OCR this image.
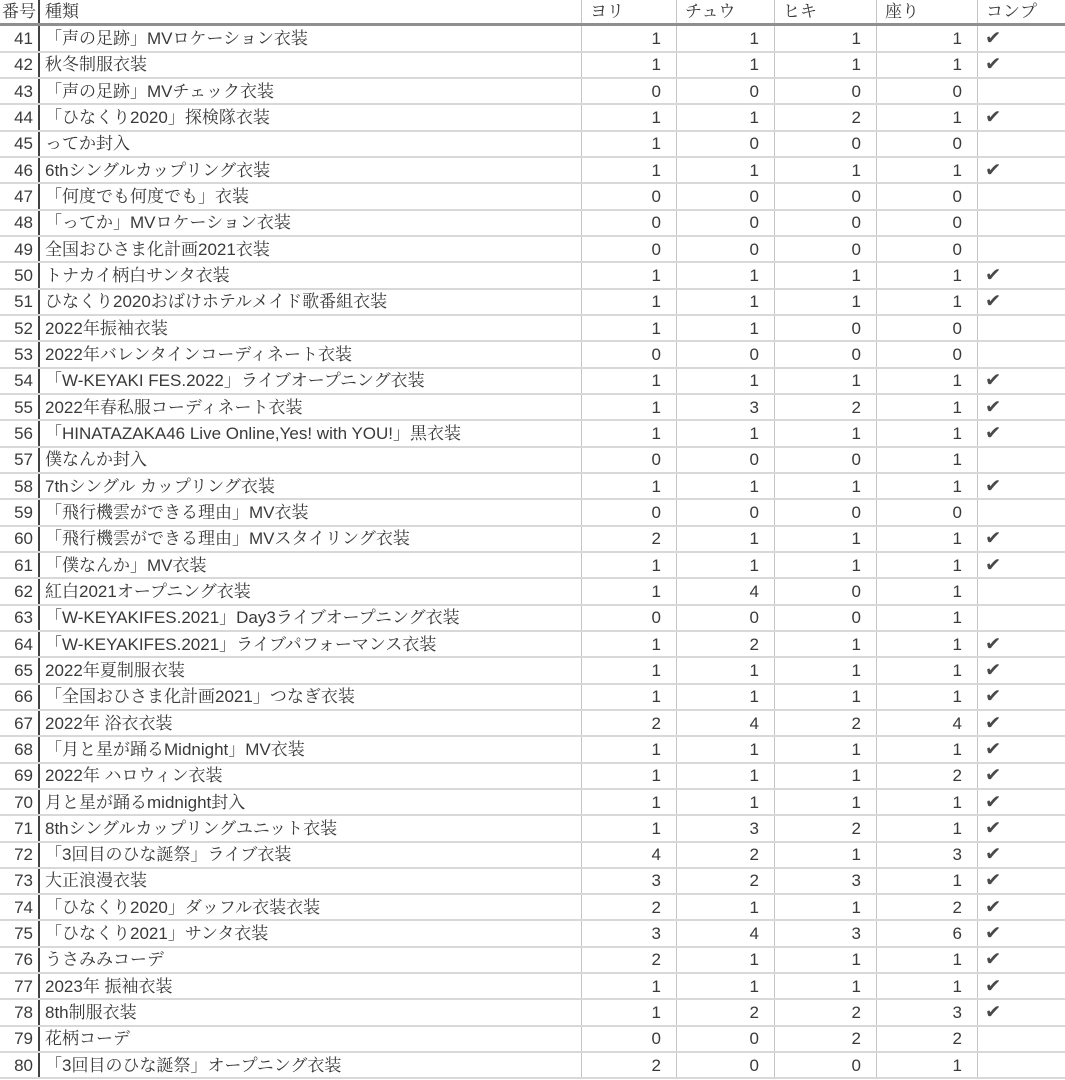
番号 種類	ヨリ	チュウ	ヒキ	座り	コンプ
41 「声の足跡」MVロケーション衣装	1	1	1	1	✔
42 秋冬制服衣装	1	1	1	1	✔
43 「声の足跡」MVチェック衣装	0	0	0	0
44 「ひなくり2020」探検隊衣装	1	1	2	1	✔
45 ってか封入	1	0	0	0
46 6thシングルカップリング衣装	1	1	1	1	✔
47 「何度でも何度でも」衣装	0	0	0	0
48 「ってか」MVロケーション衣装	0	0	0	0
49 全国おひさま化計画2021衣装	0	0	0	0
50 トナカイ柄白サンタ衣装	1	1	1	1	✔
51 ひなくり2020おばけホテルメイド歌番組衣装	1	1	1	1	✔
52 2022年振袖衣装	1	1	0	0
53 2022年バレンタインコーディネート衣装	0	0	0	0
54 「W-KEYAKI FES.2022」ライブオープニング衣装	1	1	1	1	✔
55 2022年春私服コーディネート衣装	1	3	2	1	✔
56 「HINATAZAKA46 Live Online,Yes! with YOU!」黒衣装	1	1	1	1	✔
57 僕なんか封入	0	0	0	1
58 7thシングル カップリング衣装	1	1	1	1	✔
59 「飛行機雲ができる理由」MV衣装	0	0	0	0
60 「飛行機雲ができる理由」MVスタイリング衣装	2	1	1	1	✔
61 「僕なんか」MV衣装	1	1	1	1	✔
62 紅白2021オープニング衣装	1	4	0	1
63 「W-KEYAKIFES.2021」Day3ライブオープニング衣装	0	0	0	1
64 「W-KEYAKIFES.2021」ライブパフォーマンス衣装	1	2	1	1	✔
65 2022年夏制服衣装	1	1	1	1	✔
66 「全国おひさま化計画2021」つなぎ衣装	1	1	1	1	✔
67 2022年 浴衣衣装	2	4	2	4	✔
68 「月と星が踊るMidnight」MV衣装	1	1	1	1	✔
69 2022年 ハロウィン衣装	1	1	1	2	✔
70 月と星が踊るmidnight封入	1	1	1	1	✔
71 8thシングルカップリングユニット衣装	1	3	2	1	✔
72 「3回目のひな誕祭」ライブ衣装	4	2	1	3	✔
73 大正浪漫衣装	3	2	3	1	✔
74 「ひなくり2020」ダッフル衣装衣装	2	1	1	2	✔
75 「ひなくり2021」サンタ衣装	3	4	3	6	✔
76 うさみみコーデ	2	1	1	1	✔
77 2023年 振袖衣装	1	1	1	1	✔
78 8th制服衣装	1	2	2	3	✔
79 花柄コーデ	0	0	2	2
80 「3回目のひな誕祭」オープニング衣装	2	0	0	1
